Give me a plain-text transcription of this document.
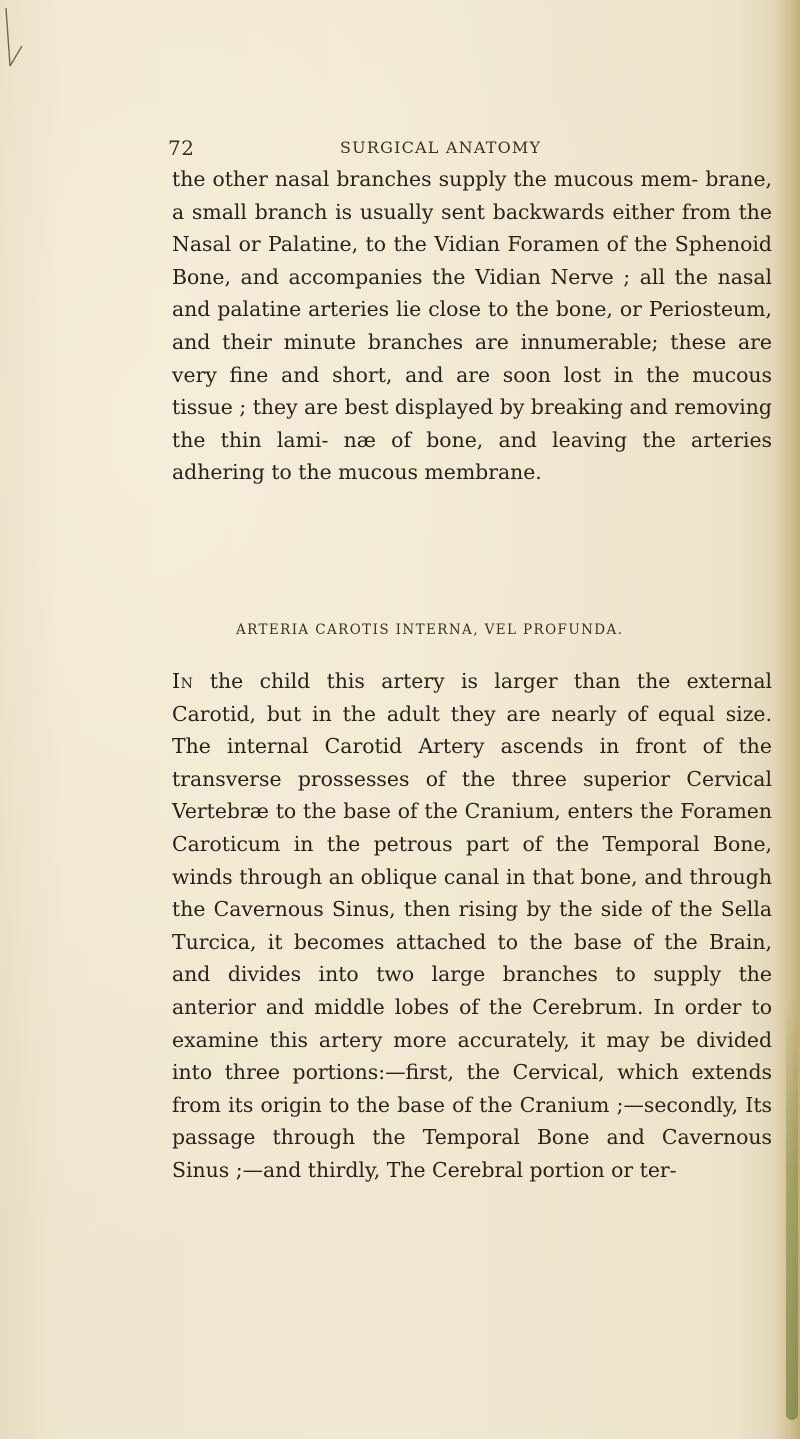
72	SURGICAL ANATOMY
the other nasal branches supply the mucous mem- brane, a small branch is usually sent backwards either from the Nasal or Palatine, to the Vidian Foramen of the Sphenoid Bone, and accompanies the Vidian Nerve ; all the nasal and palatine arteries lie close to the bone, or Periosteum, and their minute branches are innumerable; these are very fine and short, and are soon lost in the mucous tissue ; they are best displayed by breaking and removing the thin lami- næ of bone, and leaving the arteries adhering to the mucous membrane.
ARTERIA CAROTIS INTERNA, VEL PROFUNDA.
In the child this artery is larger than the external Carotid, but in the adult they are nearly of equal size. The internal Carotid Artery ascends in front of the transverse prossesses of the three superior Cervical Vertebræ to the base of the Cranium, enters the Foramen Caroticum in the petrous part of the Temporal Bone, winds through an oblique canal in that bone, and through the Cavernous Sinus, then rising by the side of the Sella Turcica, it becomes attached to the base of the Brain, and divides into two large branches to supply the anterior and middle lobes of the Cerebrum. In order to examine this artery more accurately, it may be divided into three portions:—first, the Cervical, which extends from its origin to the base of the Cranium ;—secondly, Its passage through the Temporal Bone and Cavernous Sinus ;—and thirdly, The Cerebral portion or ter-
